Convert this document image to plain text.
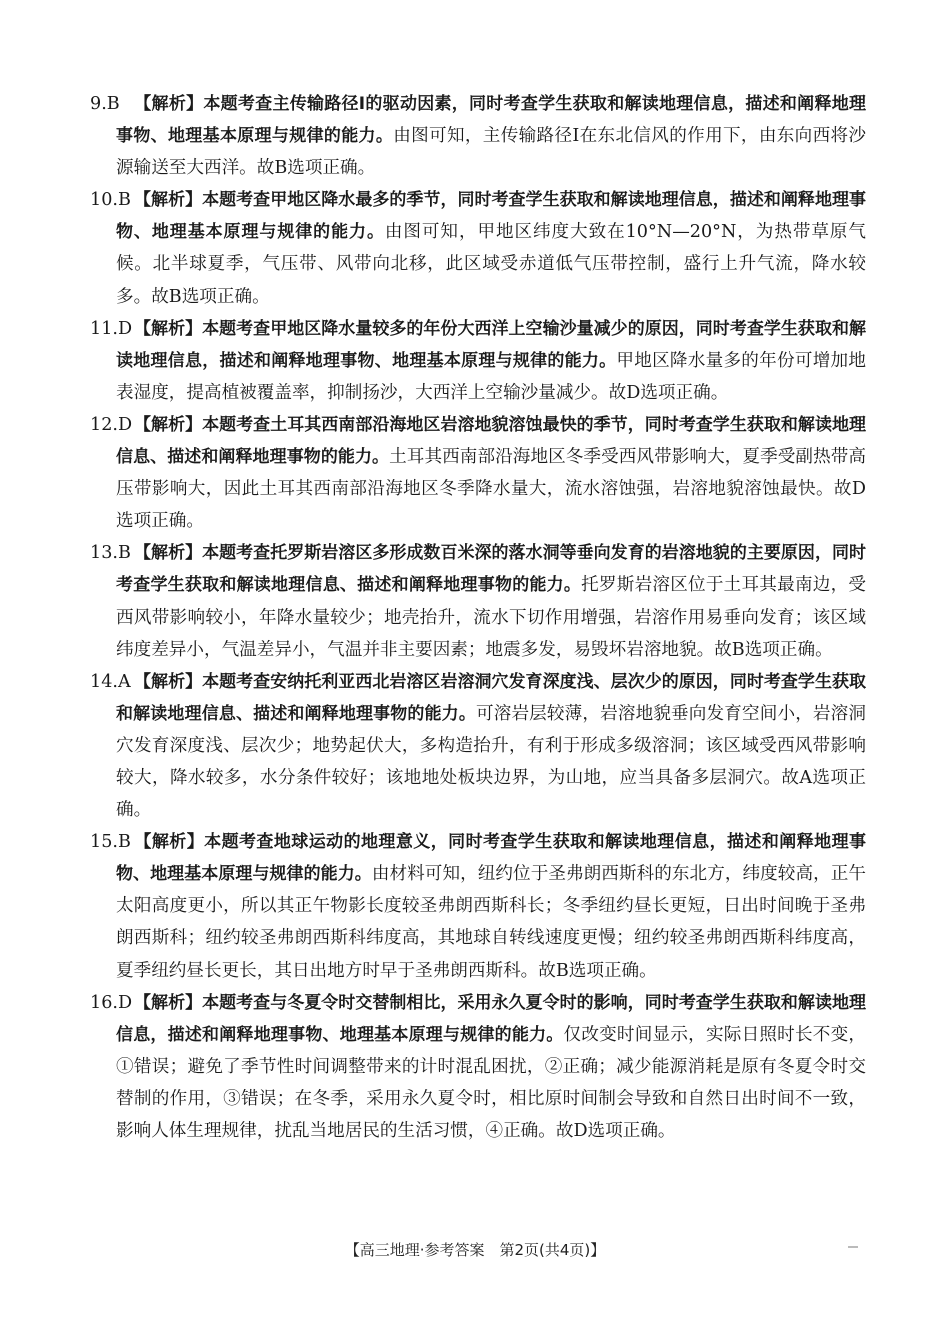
9.B 【解析】本题考查主传输路径Ⅰ的驱动因素，同时考查学生获取和解读地理信息，描述和阐释地理事物、地理基本原理与规律的能力。由图可知，主传输路径Ⅰ在东北信风的作用下，由东向西将沙源输送至大西洋。故B选项正确。

10.B 【解析】本题考查甲地区降水最多的季节，同时考查学生获取和解读地理信息，描述和阐释地理事物、地理基本原理与规律的能力。由图可知，甲地区纬度大致在10°N—20°N，为热带草原气候。北半球夏季，气压带、风带向北移，此区域受赤道低气压带控制，盛行上升气流，降水较多。故B选项正确。

11.D 【解析】本题考查甲地区降水量较多的年份大西洋上空输沙量减少的原因，同时考查学生获取和解读地理信息，描述和阐释地理事物、地理基本原理与规律的能力。甲地区降水量多的年份可增加地表湿度，提高植被覆盖率，抑制扬沙，大西洋上空输沙量减少。故D选项正确。

12.D 【解析】本题考查土耳其西南部沿海地区岩溶地貌溶蚀最快的季节，同时考查学生获取和解读地理信息、描述和阐释地理事物的能力。土耳其西南部沿海地区冬季受西风带影响大，夏季受副热带高压带影响大，因此土耳其西南部沿海地区冬季降水量大，流水溶蚀强，岩溶地貌溶蚀最快。故D选项正确。

13.B 【解析】本题考查托罗斯岩溶区多形成数百米深的落水洞等垂向发育的岩溶地貌的主要原因，同时考查学生获取和解读地理信息、描述和阐释地理事物的能力。托罗斯岩溶区位于土耳其最南边，受西风带影响较小，年降水量较少；地壳抬升，流水下切作用增强，岩溶作用易垂向发育；该区域纬度差异小，气温差异小，气温并非主要因素；地震多发，易毁坏岩溶地貌。故B选项正确。

14.A 【解析】本题考查安纳托利亚西北岩溶区岩溶洞穴发育深度浅、层次少的原因，同时考查学生获取和解读地理信息、描述和阐释地理事物的能力。可溶岩层较薄，岩溶地貌垂向发育空间小，岩溶洞穴发育深度浅、层次少；地势起伏大，多构造抬升，有利于形成多级溶洞；该区域受西风带影响较大，降水较多，水分条件较好；该地地处板块边界，为山地，应当具备多层洞穴。故A选项正确。

15.B 【解析】本题考查地球运动的地理意义，同时考查学生获取和解读地理信息，描述和阐释地理事物、地理基本原理与规律的能力。由材料可知，纽约位于圣弗朗西斯科的东北方，纬度较高，正午太阳高度更小，所以其正午物影长度较圣弗朗西斯科长；冬季纽约昼长更短，日出时间晚于圣弗朗西斯科；纽约较圣弗朗西斯科纬度高，其地球自转线速度更慢；纽约较圣弗朗西斯科纬度高，夏季纽约昼长更长，其日出地方时早于圣弗朗西斯科。故B选项正确。

16.D 【解析】本题考查与冬夏令时交替制相比，采用永久夏令时的影响，同时考查学生获取和解读地理信息，描述和阐释地理事物、地理基本原理与规律的能力。仅改变时间显示，实际日照时长不变，①错误；避免了季节性时间调整带来的计时混乱困扰，②正确；减少能源消耗是原有冬夏令时交替制的作用，③错误；在冬季，采用永久夏令时，相比原时间制会导致和自然日出时间不一致，影响人体生理规律，扰乱当地居民的生活习惯，④正确。故D选项正确。

【高三地理·参考答案　第2页(共4页)】
